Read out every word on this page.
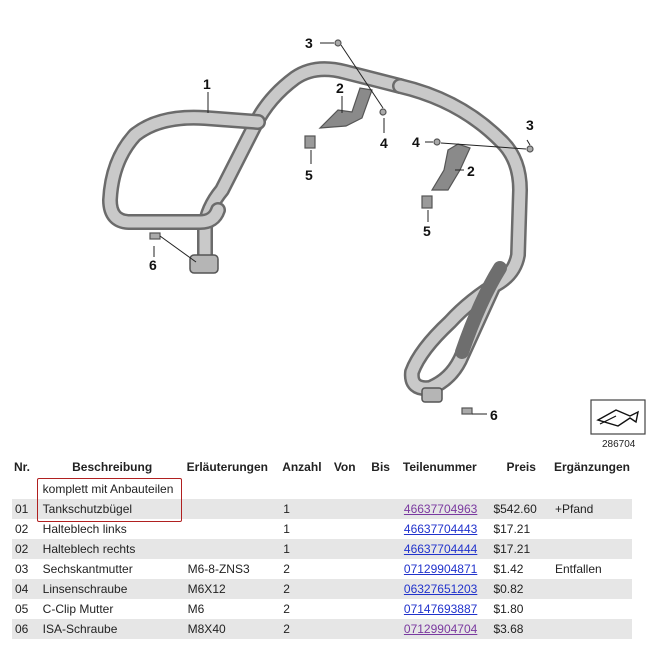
1	2
2
3
3
4 4
5
5
6
6
286704
Nr.	Beschreibung	Erläuterungen	Anzahl	Von	Bis	Teilenummer	Preis	Ergänzungen
	komplett mit Anbauteilen							
01	Tankschutzbügel		1			46637704963	$542.60	+Pfand
02	Halteblech links		1			46637704443	$17.21	
02	Halteblech rechts		1			46637704444	$17.21	
03	Sechskantmutter	M6-8-ZNS3	2			07129904871	$1.42	Entfallen
04	Linsenschraube	M6X12	2			06327651203	$0.82	
05	C-Clip Mutter	M6	2			07147693887	$1.80	
06	ISA-Schraube	M8X40	2			07129904704	$3.68	
